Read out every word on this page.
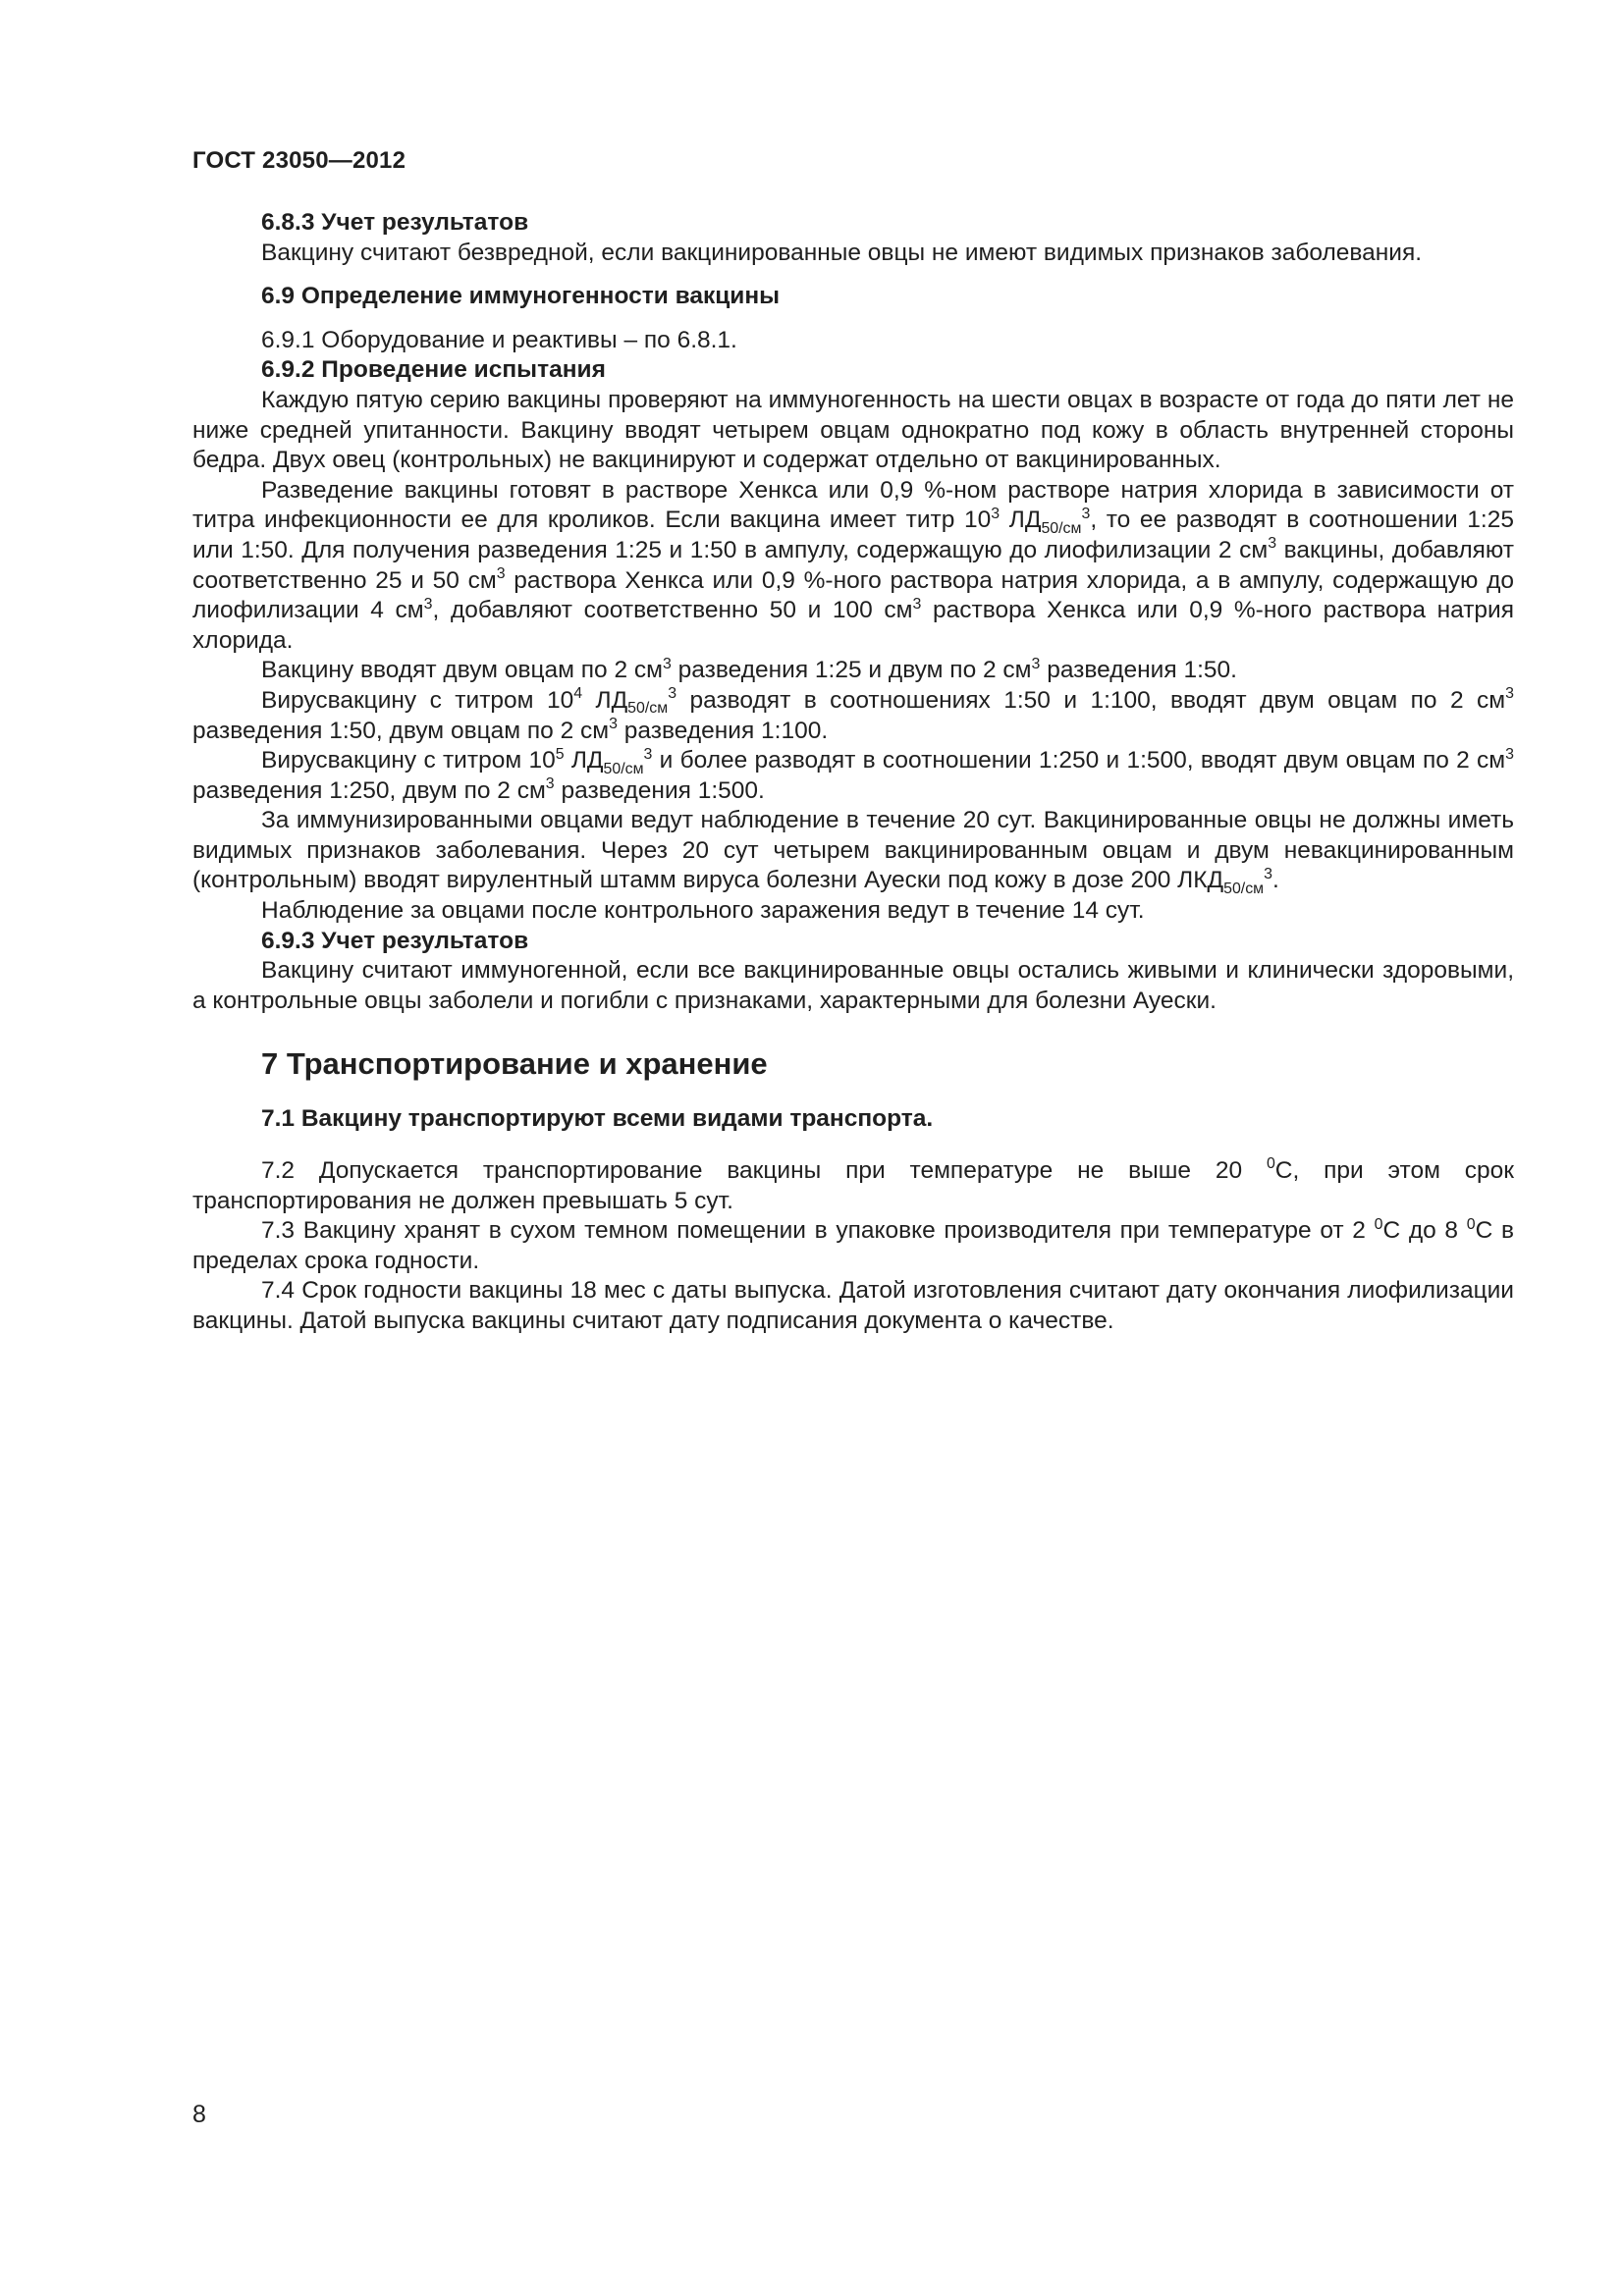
ГОСТ 23050—2012

6.8.3 Учет результатов

Вакцину считают безвредной, если вакцинированные овцы не имеют видимых признаков заболевания.

6.9 Определение иммуногенности вакцины

6.9.1 Оборудование и реактивы – по 6.8.1.

6.9.2 Проведение испытания

Каждую пятую серию вакцины проверяют на иммуногенность на шести овцах в возрасте от года до пяти лет не ниже средней упитанности. Вакцину вводят четырем овцам однократно под кожу в область внутренней стороны бедра. Двух овец (контрольных) не вакцинируют и содержат отдельно от вакцинированных.

Разведение вакцины готовят в растворе Хенкса или 0,9 %-ном растворе натрия хлорида в зависимости от титра инфекционности ее для кроликов. Если вакцина имеет титр $10^3$ $ЛД_{50/см}^3$, то ее разводят в соотношении 1:25 или 1:50. Для получения разведения 1:25 и 1:50 в ампулу, содержащую до лиофилизации 2 $см^3$ вакцины, добавляют соответственно 25 и 50 $см^3$ раствора Хенкса или 0,9 %-ного раствора натрия хлорида, а в ампулу, содержащую до лиофилизации 4 $см^3$, добавляют соответственно 50 и 100 $см^3$ раствора Хенкса или 0,9 %-ного раствора натрия хлорида.

Вакцину вводят двум овцам по 2 $см^3$ разведения 1:25 и двум по 2 $см^3$ разведения 1:50.

Вирусвакцину с титром $10^4$ $ЛД_{50/см}^3$ разводят в соотношениях 1:50 и 1:100, вводят двум овцам по 2 $см^3$ разведения 1:50, двум овцам по 2 $см^3$ разведения 1:100.

Вирусвакцину с титром $10^5$ $ЛД_{50/см}^3$ и более разводят в соотношении 1:250 и 1:500, вводят двум овцам по 2 $см^3$ разведения 1:250, двум по 2 $см^3$ разведения 1:500.

За иммунизированными овцами ведут наблюдение в течение 20 сут. Вакцинированные овцы не должны иметь видимых признаков заболевания. Через 20 сут четырем вакцинированным овцам и двум невакцинированным (контрольным) вводят вирулентный штамм вируса болезни Ауески под кожу в дозе 200 $ЛКД_{50/см}^3$.

Наблюдение за овцами после контрольного заражения ведут в течение 14 сут.

6.9.3 Учет результатов

Вакцину считают иммуногенной, если все вакцинированные овцы остались живыми и клинически здоровыми, а контрольные овцы заболели и погибли с признаками, характерными для болезни Ауески.

7 Транспортирование и хранение

7.1 Вакцину транспортируют всеми видами транспорта.

7.2 Допускается транспортирование вакцины при температуре не выше 20 $^0$С, при этом срок транспортирования не должен превышать 5 сут.

7.3 Вакцину хранят в сухом темном помещении в упаковке производителя при температуре от 2 $^0$С до 8 $^0$С в пределах срока годности.

7.4 Срок годности вакцины 18 мес с даты выпуска. Датой изготовления считают дату окончания лиофилизации вакцины. Датой выпуска вакцины считают дату подписания документа о качестве.

8
